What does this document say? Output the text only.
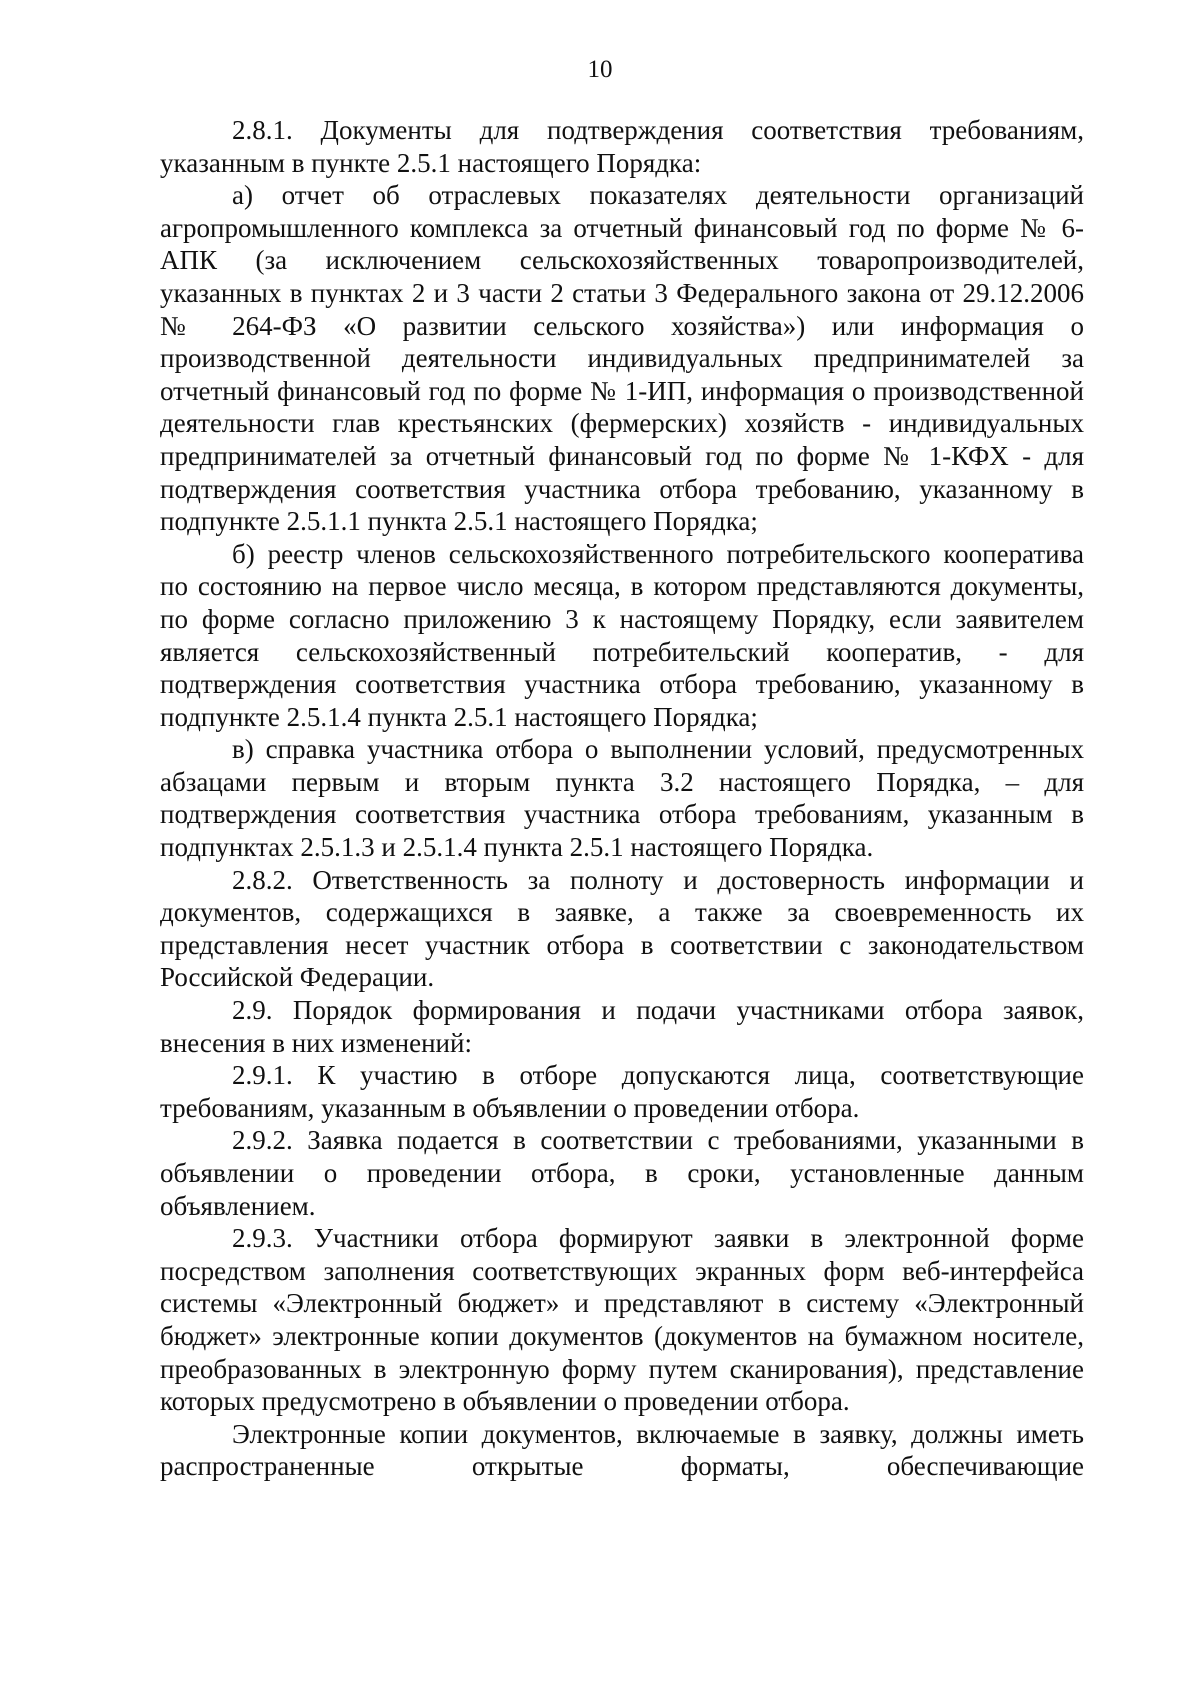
10

2.8.1. Документы для подтверждения соответствия требованиям, указанным в пункте 2.5.1 настоящего Порядка:

а) отчет об отраслевых показателях деятельности организаций агропромышленного комплекса за отчетный финансовый год по форме № 6-АПК (за исключением сельскохозяйственных товаропроизводителей, указанных в пунктах 2 и 3 части 2 статьи 3 Федерального закона от 29.12.2006 № 264-ФЗ «О развитии сельского хозяйства») или информация о производственной деятельности индивидуальных предпринимателей за отчетный финансовый год по форме № 1-ИП, информация о производственной деятельности глав крестьянских (фермерских) хозяйств - индивидуальных предпринимателей за отчетный финансовый год по форме № 1-КФХ - для подтверждения соответствия участника отбора требованию, указанному в подпункте 2.5.1.1 пункта 2.5.1 настоящего Порядка;

б) реестр членов сельскохозяйственного потребительского кооператива по состоянию на первое число месяца, в котором представляются документы, по форме согласно приложению 3 к настоящему Порядку, если заявителем является сельскохозяйственный потребительский кооператив, - для подтверждения соответствия участника отбора требованию, указанному в подпункте 2.5.1.4 пункта 2.5.1 настоящего Порядка;

в) справка участника отбора о выполнении условий, предусмотренных абзацами первым и вторым пункта 3.2 настоящего Порядка, – для подтверждения соответствия участника отбора требованиям, указанным в подпунктах 2.5.1.3 и 2.5.1.4 пункта 2.5.1 настоящего Порядка.

2.8.2. Ответственность за полноту и достоверность информации и документов, содержащихся в заявке, а также за своевременность их представления несет участник отбора в соответствии с законодательством Российской Федерации.

2.9. Порядок формирования и подачи участниками отбора заявок, внесения в них изменений:

2.9.1. К участию в отборе допускаются лица, соответствующие требованиям, указанным в объявлении о проведении отбора.

2.9.2. Заявка подается в соответствии с требованиями, указанными в объявлении о проведении отбора, в сроки, установленные данным объявлением.

2.9.3. Участники отбора формируют заявки в электронной форме посредством заполнения соответствующих экранных форм веб-интерфейса системы «Электронный бюджет» и представляют в систему «Электронный бюджет» электронные копии документов (документов на бумажном носителе, преобразованных в электронную форму путем сканирования), представление которых предусмотрено в объявлении о проведении отбора.

Электронные копии документов, включаемые в заявку, должны иметь распространенные открытые форматы, обеспечивающие
